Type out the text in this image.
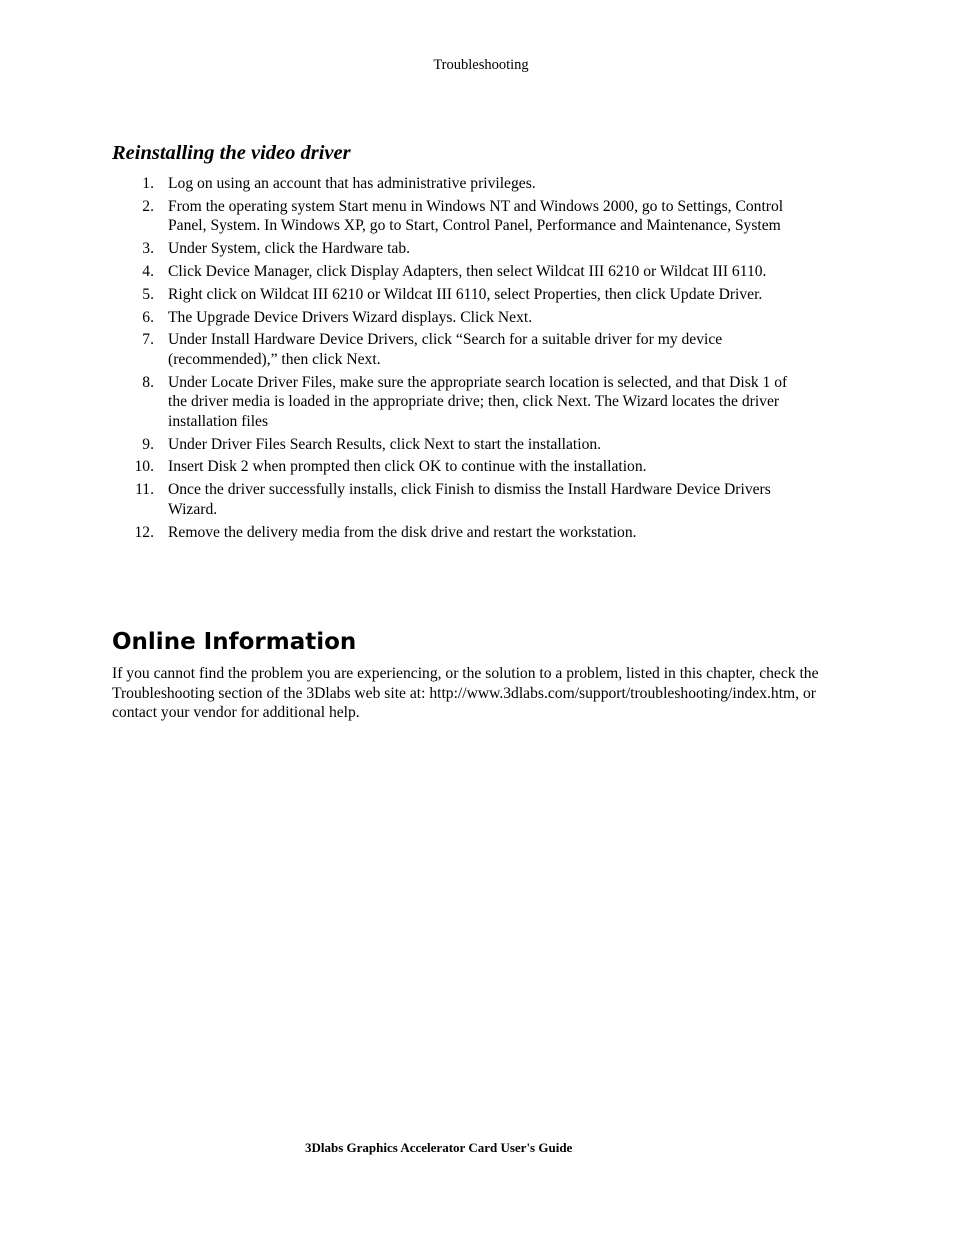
Troubleshooting
Reinstalling the video driver
1. Log on using an account that has administrative privileges.
2. From the operating system Start menu in Windows NT and Windows 2000, go to Settings, Control Panel, System. In Windows XP, go to Start, Control Panel, Performance and Maintenance, System
3. Under System, click the Hardware tab.
4. Click Device Manager, click Display Adapters, then select Wildcat III 6210 or Wildcat III 6110.
5. Right click on Wildcat III 6210 or Wildcat III 6110, select Properties, then click Update Driver.
6. The Upgrade Device Drivers Wizard displays. Click Next.
7. Under Install Hardware Device Drivers, click “Search for a suitable driver for my device (recommended),” then click Next.
8. Under Locate Driver Files, make sure the appropriate search location is selected, and that Disk 1 of the driver media is loaded in the appropriate drive; then, click Next. The Wizard locates the driver installation files
9. Under Driver Files Search Results, click Next to start the installation.
10. Insert Disk 2 when prompted then click OK to continue with the installation.
11. Once the driver successfully installs, click Finish to dismiss the Install Hardware Device Drivers Wizard.
12. Remove the delivery media from the disk drive and restart the workstation.
Online Information

If you cannot find the problem you are experiencing, or the solution to a problem, listed in this chapter, check the Troubleshooting section of the 3Dlabs web site at: http://www.3dlabs.com/support/troubleshooting/index.htm, or contact your vendor for additional help.

3Dlabs Graphics Accelerator Card User's Guide
